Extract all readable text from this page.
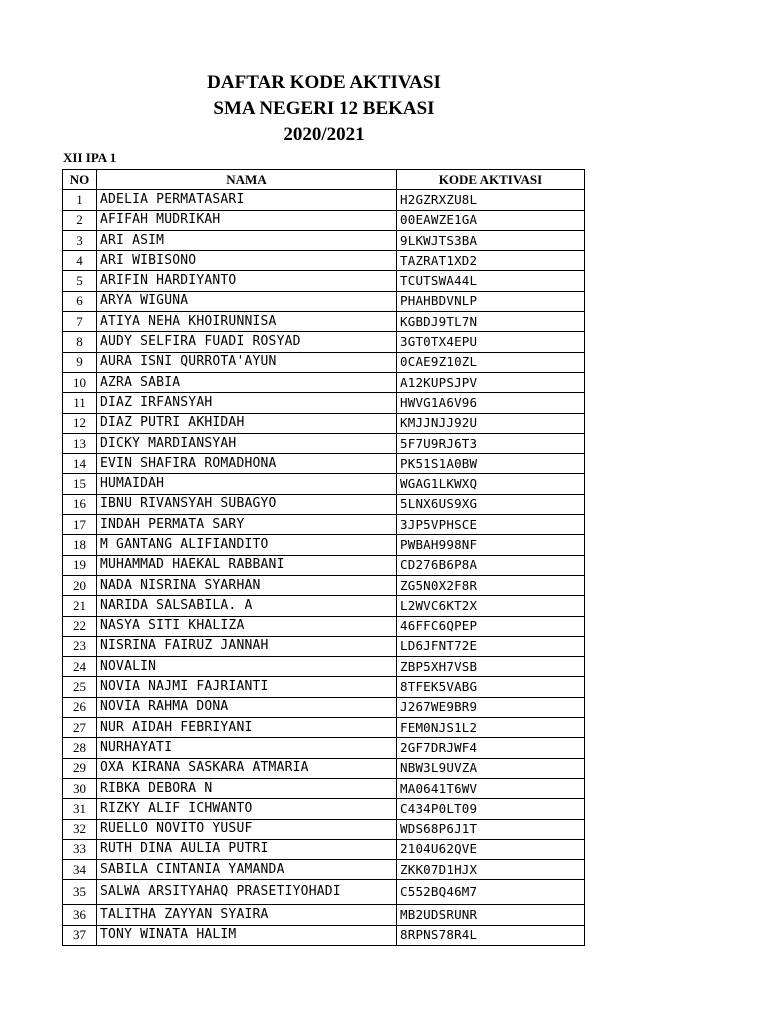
DAFTAR KODE AKTIVASI
SMA NEGERI 12 BEKASI
2020/2021
XII IPA 1
NO	NAMA	KODE AKTIVASI
1	ADELIA PERMATASARI	H2GZRXZU8L
2	AFIFAH MUDRIKAH	00EAWZE1GA
3	ARI ASIM	9LKWJTS3BA
4	ARI WIBISONO	TAZRAT1XD2
5	ARIFIN HARDIYANTO	TCUTSWA44L
6	ARYA WIGUNA	PHAHBDVNLP
7	ATIYA NEHA KHOIRUNNISA	KGBDJ9TL7N
8	AUDY SELFIRA FUADI ROSYAD	3GT0TX4EPU
9	AURA ISNI QURROTA'AYUN	0CAE9Z10ZL
10	AZRA SABIA	A12KUPSJPV
11	DIAZ IRFANSYAH	HWVG1A6V96
12	DIAZ PUTRI AKHIDAH	KMJJNJJ92U
13	DICKY MARDIANSYAH	5F7U9RJ6T3
14	EVIN SHAFIRA ROMADHONA	PK51S1A0BW
15	HUMAIDAH	WGAG1LKWXQ
16	IBNU RIVANSYAH SUBAGYO	5LNX6US9XG
17	INDAH PERMATA SARY	3JP5VPHSCE
18	M GANTANG ALIFIANDITO	PWBAH998NF
19	MUHAMMAD HAEKAL RABBANI	CD276B6P8A
20	NADA NISRINA SYARHAN	ZG5N0X2F8R
21	NARIDA SALSABILA. A	L2WVC6KT2X
22	NASYA SITI KHALIZA	46FFC6QPEP
23	NISRINA FAIRUZ JANNAH	LD6JFNT72E
24	NOVALIN	ZBP5XH7VSB
25	NOVIA NAJMI FAJRIANTI	8TFEK5VABG
26	NOVIA RAHMA DONA	J267WE9BR9
27	NUR AIDAH FEBRIYANI	FEM0NJS1L2
28	NURHAYATI	2GF7DRJWF4
29	OXA KIRANA SASKARA ATMARIA	NBW3L9UVZA
30	RIBKA DEBORA N	MA0641T6WV
31	RIZKY ALIF ICHWANTO	C434P0LT09
32	RUELLO NOVITO YUSUF	WDS68P6J1T
33	RUTH DINA AULIA PUTRI	2104U62QVE
34	SABILA CINTANIA YAMANDA	ZKK07D1HJX
35	SALWA ARSITYAHAQ PRASETIYOHADI	C552BQ46M7
36	TALITHA ZAYYAN SYAIRA	MB2UDSRUNR
37	TONY WINATA HALIM	8RPNS78R4L
